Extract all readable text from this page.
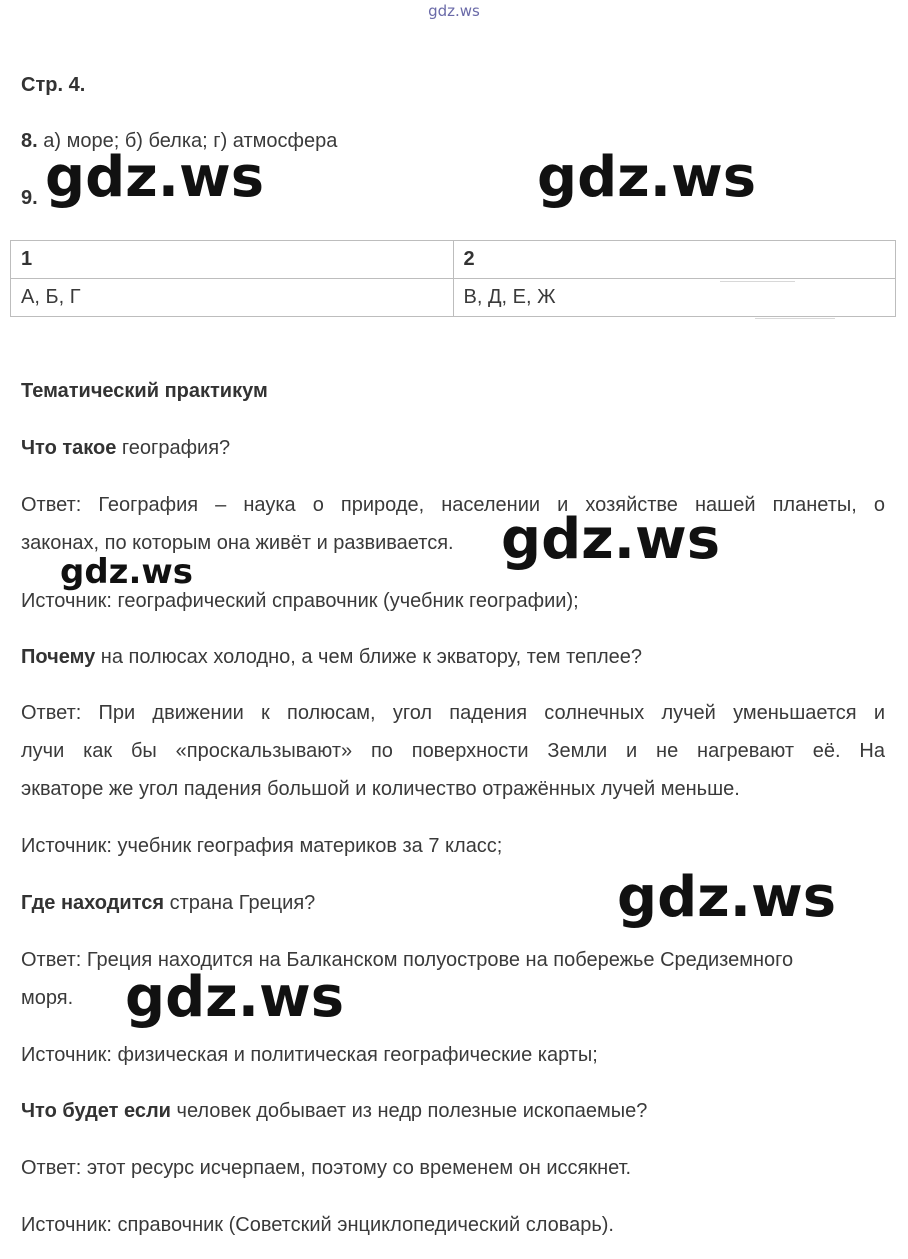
gdz.ws
Стр. 4.
8. а) море; б) белка; г) атмосфера
9.
1	2
А, Б, Г	В, Д, Е, Ж
Тематический практикум
Что такое география?
Ответ: География – наука о природе, населении и хозяйстве нашей планеты, о
законах, по которым она живёт и развивается.
Источник: географический справочник (учебник географии);
Почему на полюсах холодно, а чем ближе к экватору, тем теплее?
Ответ: При движении к полюсам, угол падения солнечных лучей уменьшается и
лучи как бы «проскальзывают» по поверхности Земли и не нагревают её. На
экваторе же угол падения большой и количество отражённых лучей меньше.
Источник: учебник география материков за 7 класс;
Где находится страна Греция?
Ответ: Греция находится на Балканском полуострове на побережье Средиземного
моря.
Источник: физическая и политическая географические карты;
Что будет если человек добывает из недр полезные ископаемые?
Ответ: этот ресурс исчерпаем, поэтому со временем он иссякнет.
Источник: справочник (Советский энциклопедический словарь).
gdz.ws	gdz.ws
gdz.ws
gdz.ws
gdz.ws
gdz.ws
